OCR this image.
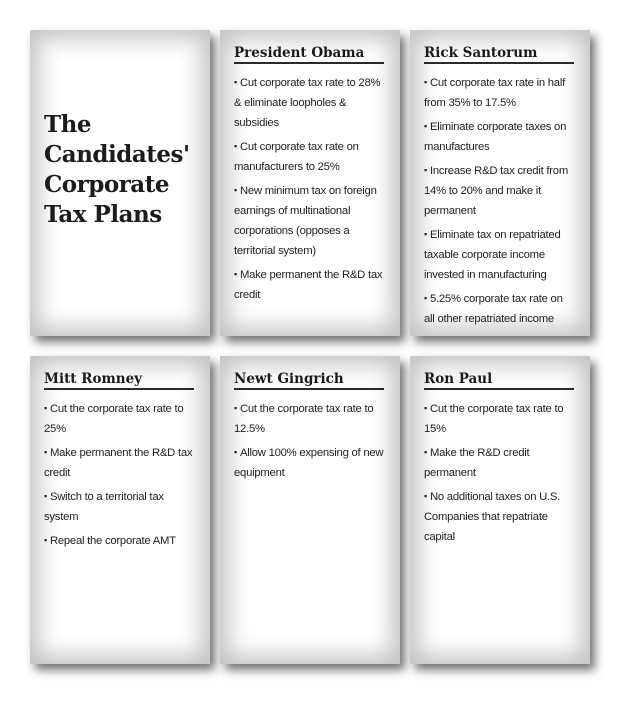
The
Candidates'
Corporate
Tax Plans
President Obama
▪ Cut corporate tax rate to 28% & eliminate loopholes & subsidies
▪ Cut corporate tax rate on manufacturers to 25%
▪ New minimum tax on foreign earnings of multinational corporations (opposes a territorial system)
▪ Make permanent the R&D tax credit
Rick Santorum
▪ Cut corporate tax rate in half from 35% to 17.5%
▪ Eliminate corporate taxes on manufactures
▪ Increase R&D tax credit from 14% to 20% and make it permanent
▪ Eliminate tax on repatriated taxable corporate income invested in manufacturing
▪ 5.25% corporate tax rate on all other repatriated income
Mitt Romney
▪ Cut the corporate tax rate to 25%
▪ Make permanent the R&D tax credit
▪ Switch to a territorial tax system
▪ Repeal the corporate AMT
Newt Gingrich
▪ Cut the corporate tax rate to 12.5%
▪ Allow 100% expensing of new equipment
Ron Paul
▪ Cut the corporate tax rate to 15%
▪ Make the R&D credit permanent
▪ No additional taxes on U.S. Companies that repatriate capital
